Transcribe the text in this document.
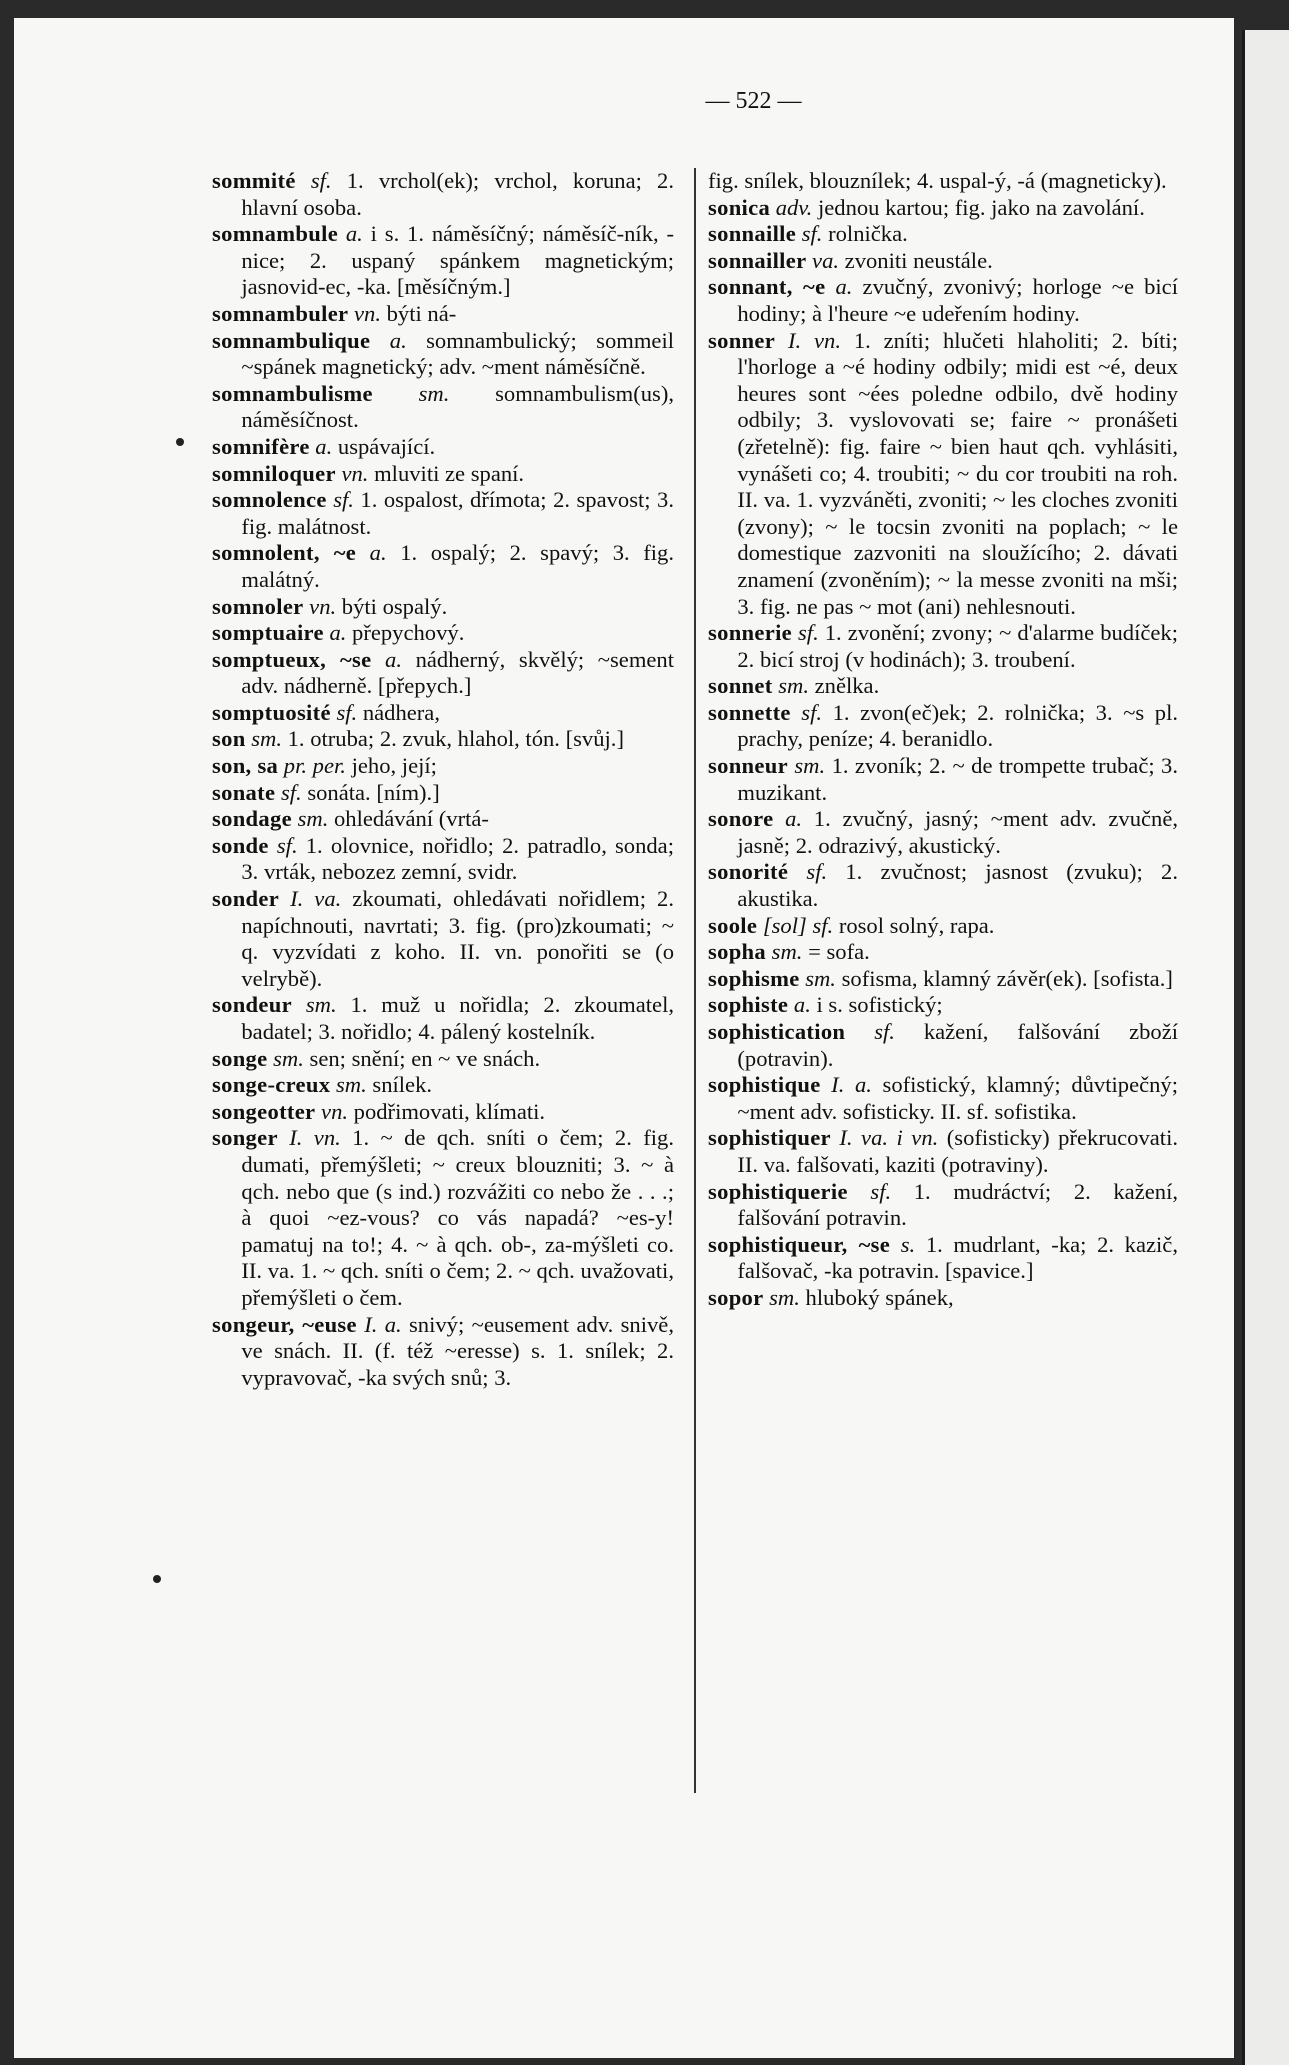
— 522 —

sommité sf. 1. vrchol(ek); vrchol, koruna; 2. hlavní osoba.

somnambule a. i s. 1. náměsíčný; náměsíč-ník, -nice; 2. uspaný spánkem magnetickým; jasnovid-ec, -ka. [měsíčným.]

somnambuler vn. býti ná-

somnambulique a. somnambulický; sommeil ~spánek magnetický; adv. ~ment náměsíčně.

somnambulisme sm. somnambulism(us), náměsíčnost.

somnifère a. uspávající.

somniloquer vn. mluviti ze spaní.

somnolence sf. 1. ospalost, dřímota; 2. spavost; 3. fig. malátnost.

somnolent, ~e a. 1. ospalý; 2. spavý; 3. fig. malátný.

somnoler vn. býti ospalý.

somptuaire a. přepychový.

somptueux, ~se a. nádherný, skvělý; ~sement adv. nádherně. [přepych.]

somptuosité sf. nádhera,

son sm. 1. otruba; 2. zvuk, hlahol, tón. [svůj.]

son, sa pr. per. jeho, její;

sonate sf. sonáta. [ním).]

sondage sm. ohledávání (vrtá-

sonde sf. 1. olovnice, nořidlo; 2. patradlo, sonda; 3. vrták, nebozez zemní, svidr.

sonder I. va. zkoumati, ohledávati nořidlem; 2. napíchnouti, navrtati; 3. fig. (pro)zkoumati; ~ q. vyzvídati z koho. II. vn. ponořiti se (o velrybě).

sondeur sm. 1. muž u nořidla; 2. zkoumatel, badatel; 3. nořidlo; 4. pálený kostelník.

songe sm. sen; snění; en ~ ve snách.

songe-creux sm. snílek.

songeotter vn. podřimovati, klímati.

songer I. vn. 1. ~ de qch. sníti o čem; 2. fig. dumati, přemýšleti; ~ creux blouzniti; 3. ~ à qch. nebo que (s ind.) rozvážiti co nebo že . . .; à quoi ~ez-vous? co vás napadá? ~es-y! pamatuj na to!; 4. ~ à qch. ob-, za-mýšleti co. II. va. 1. ~ qch. sníti o čem; 2. ~ qch. uvažovati, přemýšleti o čem.

songeur, ~euse I. a. snivý; ~eusement adv. snivě, ve snách. II. (f. též ~eresse) s. 1. snílek; 2. vypravovač, -ka svých snů; 3.

fig. snílek, blouznílek; 4. uspal-ý, -á (magneticky).

sonica adv. jednou kartou; fig. jako na zavolání.

sonnaille sf. rolnička.

sonnailler va. zvoniti neustále.

sonnant, ~e a. zvučný, zvonivý; horloge ~e bicí hodiny; à l'heure ~e udeřením hodiny.

sonner I. vn. 1. zníti; hlučeti hlaholiti; 2. bíti; l'horloge a ~é hodiny odbily; midi est ~é, deux heures sont ~ées poledne odbilo, dvě hodiny odbily; 3. vyslovovati se; faire ~ pronášeti (zřetelně): fig. faire ~ bien haut qch. vyhlásiti, vynášeti co; 4. troubiti; ~ du cor troubiti na roh. II. va. 1. vyzváněti, zvoniti; ~ les cloches zvoniti (zvony); ~ le tocsin zvoniti na poplach; ~ le domestique zazvoniti na sloužícího; 2. dávati znamení (zvoněním); ~ la messe zvoniti na mši; 3. fig. ne pas ~ mot (ani) nehlesnouti.

sonnerie sf. 1. zvonění; zvony; ~ d'alarme budíček; 2. bicí stroj (v hodinách); 3. troubení.

sonnet sm. znělka.

sonnette sf. 1. zvon(eč)ek; 2. rolnička; 3. ~s pl. prachy, peníze; 4. beranidlo.

sonneur sm. 1. zvoník; 2. ~ de trompette trubač; 3. muzikant.

sonore a. 1. zvučný, jasný; ~ment adv. zvučně, jasně; 2. odrazivý, akustický.

sonorité sf. 1. zvučnost; jasnost (zvuku); 2. akustika.

soole [sol] sf. rosol solný, rapa.

sopha sm. = sofa.

sophisme sm. sofisma, klamný závěr(ek). [sofista.]

sophiste a. i s. sofistický;

sophistication sf. kažení, falšování zboží (potravin).

sophistique I. a. sofistický, klamný; důvtipečný; ~ment adv. sofisticky. II. sf. sofistika.

sophistiquer I. va. i vn. (sofisticky) překrucovati. II. va. falšovati, kaziti (potraviny).

sophistiquerie sf. 1. mudráctví; 2. kažení, falšování potravin.

sophistiqueur, ~se s. 1. mudrlant, -ka; 2. kazič, falšovač, -ka potravin. [spavice.]

sopor sm. hluboký spánek,
